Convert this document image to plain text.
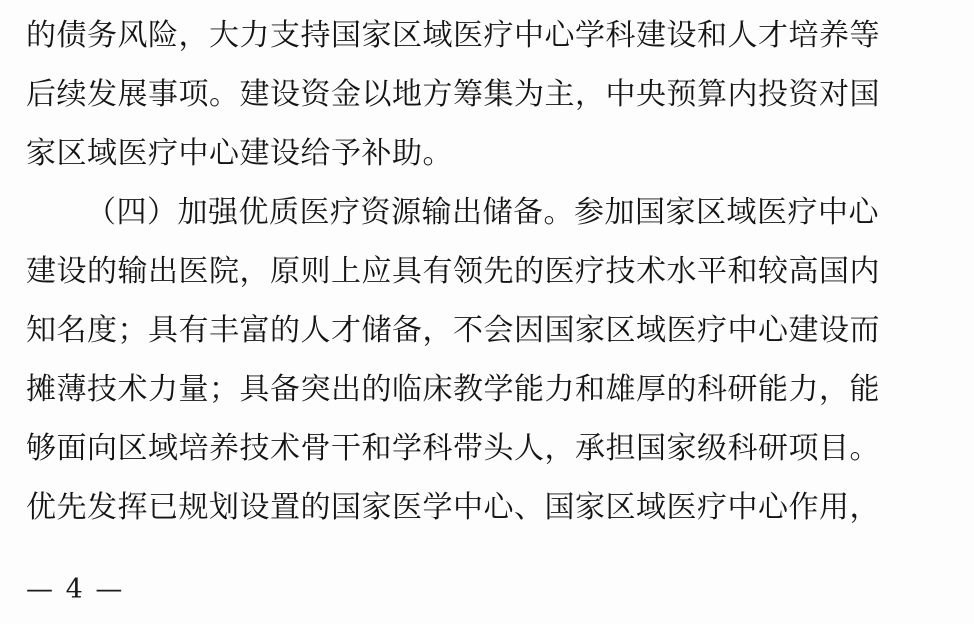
的债务风险，大力支持国家区域医疗中心学科建设和人才培养等
后续发展事项。建设资金以地方筹集为主，中央预算内投资对国
家区域医疗中心建设给予补助。
（四）加强优质医疗资源输出储备。参加国家区域医疗中心
建设的输出医院，原则上应具有领先的医疗技术水平和较高国内
知名度；具有丰富的人才储备，不会因国家区域医疗中心建设而
摊薄技术力量；具备突出的临床教学能力和雄厚的科研能力，能
够面向区域培养技术骨干和学科带头人，承担国家级科研项目。
优先发挥已规划设置的国家医学中心、国家区域医疗中心作用，
— 4 —
